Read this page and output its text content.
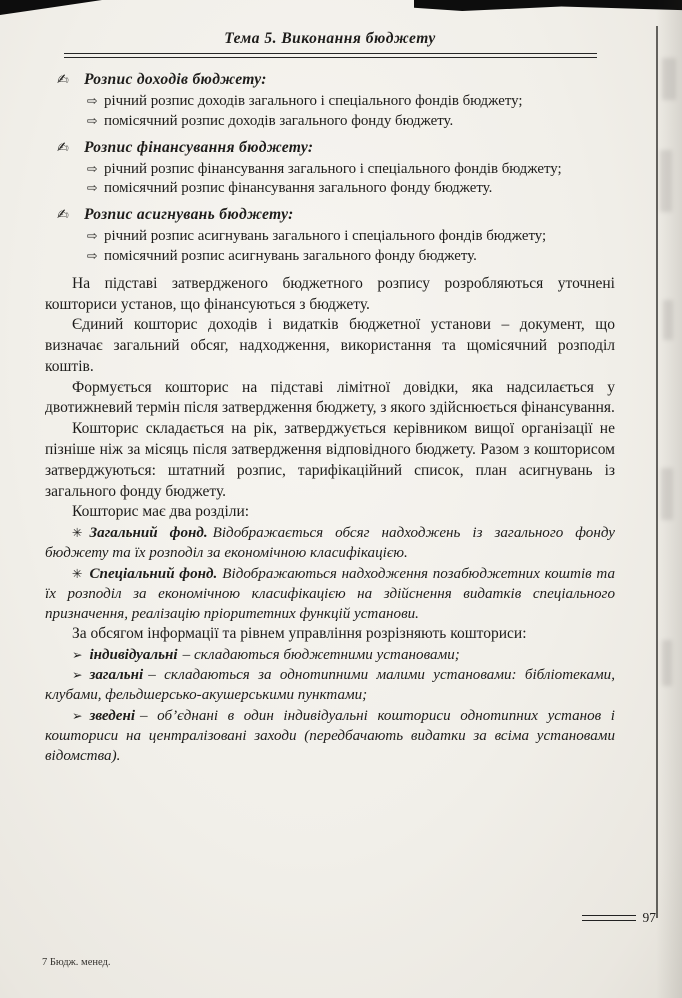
Тема 5. Виконання бюджету
✍ Розпис доходів бюджету:
⇨ річний розпис доходів загального і спеціального фондів бюджету;
⇨ помісячний розпис доходів загального фонду бюджету.
✍ Розпис фінансування бюджету:
⇨ річний розпис фінансування загального і спеціального фондів бюджету;
⇨ помісячний розпис фінансування загального фонду бюджету.
✍ Розпис асигнувань бюджету:
⇨ річний розпис асигнувань загального і спеціального фондів бюджету;
⇨ помісячний розпис асигнувань загального фонду бюджету.

На підставі затвердженого бюджетного розпису розробляються уточнені кошториси установ, що фінансуються з бюджету.

Єдиний кошторис доходів і видатків бюджетної установи – документ, що визначає загальний обсяг, надходження, використання та щомісячний розподіл коштів.

Формується кошторис на підставі лімітної довідки, яка надсилається у двотижневий термін після затвердження бюджету, з якого здійснюється фінансування.

Кошторис складається на рік, затверджується керівником вищої організації не пізніше ніж за місяць після затвердження відповідного бюджету. Разом з кошторисом затверджуються: штатний розпис, тарифікаційний список, план асигнувань із загального фонду бюджету.

Кошторис має два розділи:

✳ Загальний фонд. Відображається обсяг надходжень із загального фонду бюджету та їх розподіл за економічною класифікацією.

✳ Спеціальний фонд. Відображаються надходження позабюджетних коштів та їх розподіл за економічною класифікацією на здійснення видатків спеціального призначення, реалізацію пріоритетних функцій установи.

За обсягом інформації та рівнем управління розрізняють кошториси:

➢ індивідуальні – складаються бюджетними установами;

➢ загальні – складаються за однотипними малими установами: бібліотеками, клубами, фельдшерсько-акушерськими пунктами;

➢ зведені – об’єднані в один індивідуальні кошториси однотипних установ і кошториси на централізовані заходи (передбачають видатки за всіма установами відомства).

97
7 Бюдж. менед.
